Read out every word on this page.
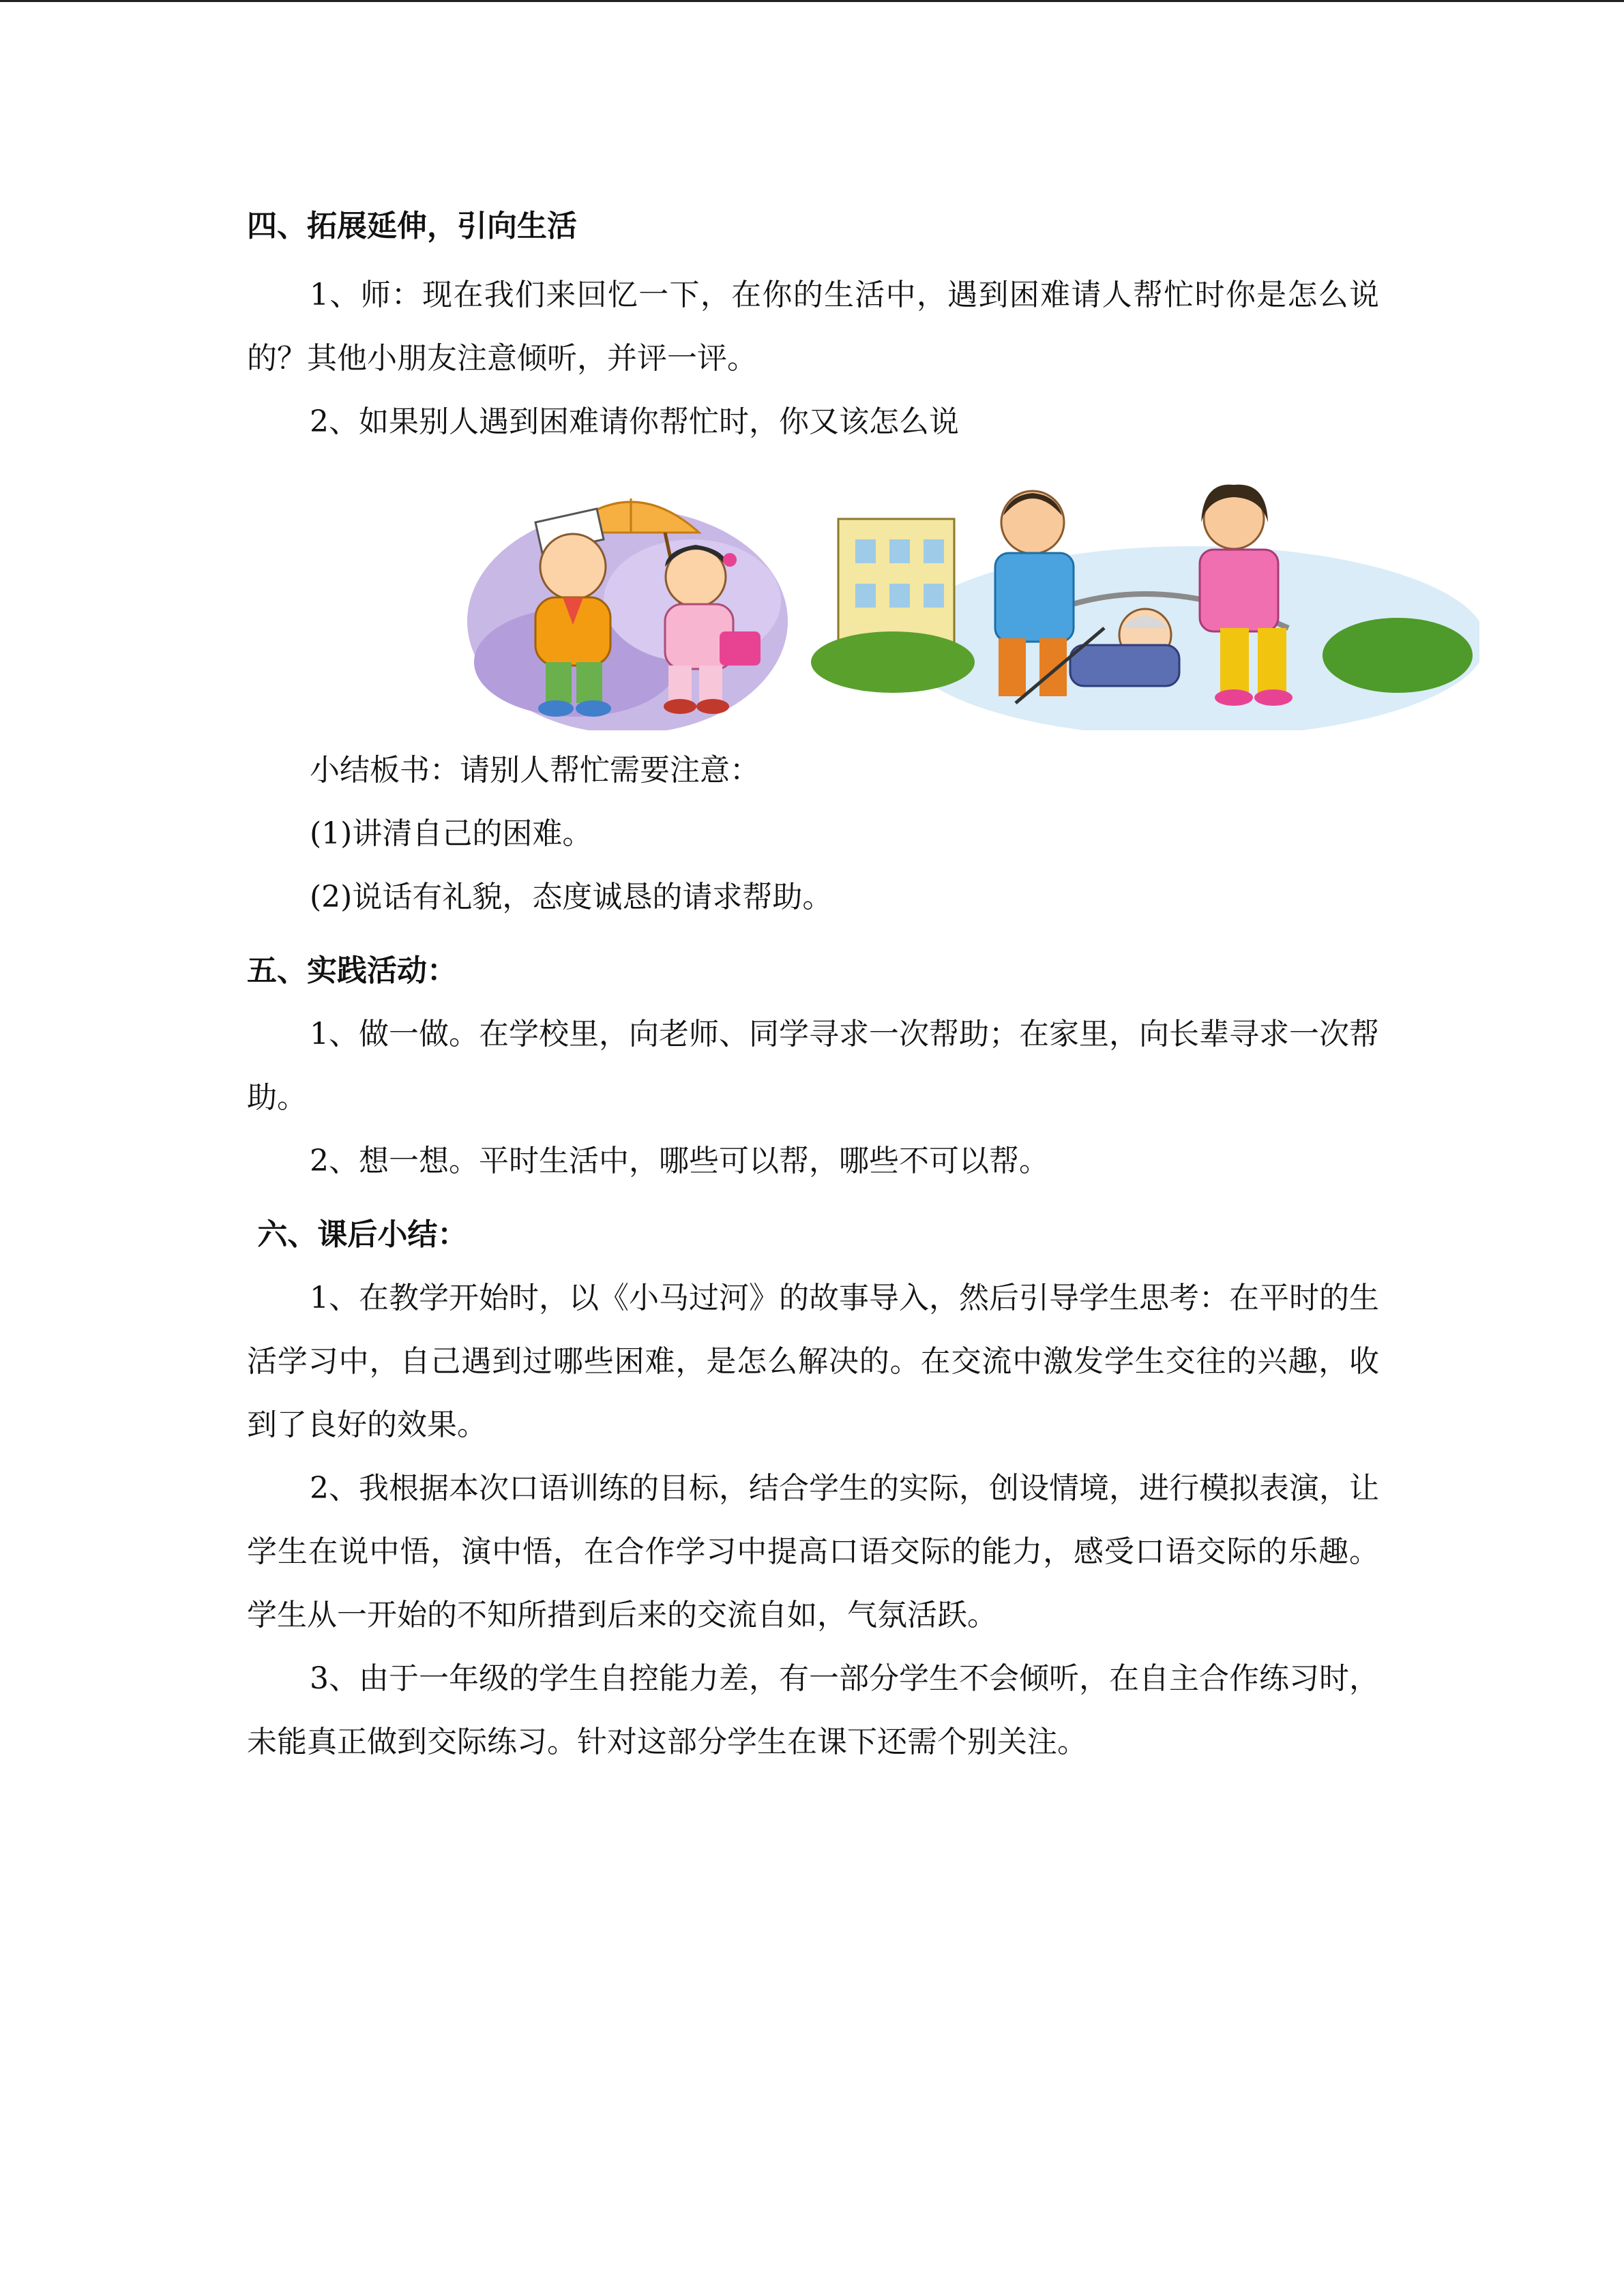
四、拓展延伸，引向生活

1、师：现在我们来回忆一下，在你的生活中，遇到困难请人帮忙时你是怎么说的？其他小朋友注意倾听，并评一评。

2、如果别人遇到困难请你帮忙时，你又该怎么说

小结板书：请别人帮忙需要注意：

(1)讲清自己的困难。

(2)说话有礼貌，态度诚恳的请求帮助。

五、实践活动：

1、做一做。在学校里，向老师、同学寻求一次帮助；在家里，向长辈寻求一次帮助。

2、想一想。平时生活中，哪些可以帮，哪些不可以帮。

六、课后小结：

1、在教学开始时，以《小马过河》的故事导入，然后引导学生思考：在平时的生活学习中，自己遇到过哪些困难，是怎么解决的。在交流中激发学生交往的兴趣，收到了良好的效果。

2、我根据本次口语训练的目标，结合学生的实际，创设情境，进行模拟表演，让学生在说中悟，演中悟，在合作学习中提高口语交际的能力，感受口语交际的乐趣。学生从一开始的不知所措到后来的交流自如，气氛活跃。

3、由于一年级的学生自控能力差，有一部分学生不会倾听，在自主合作练习时，未能真正做到交际练习。针对这部分学生在课下还需个别关注。
